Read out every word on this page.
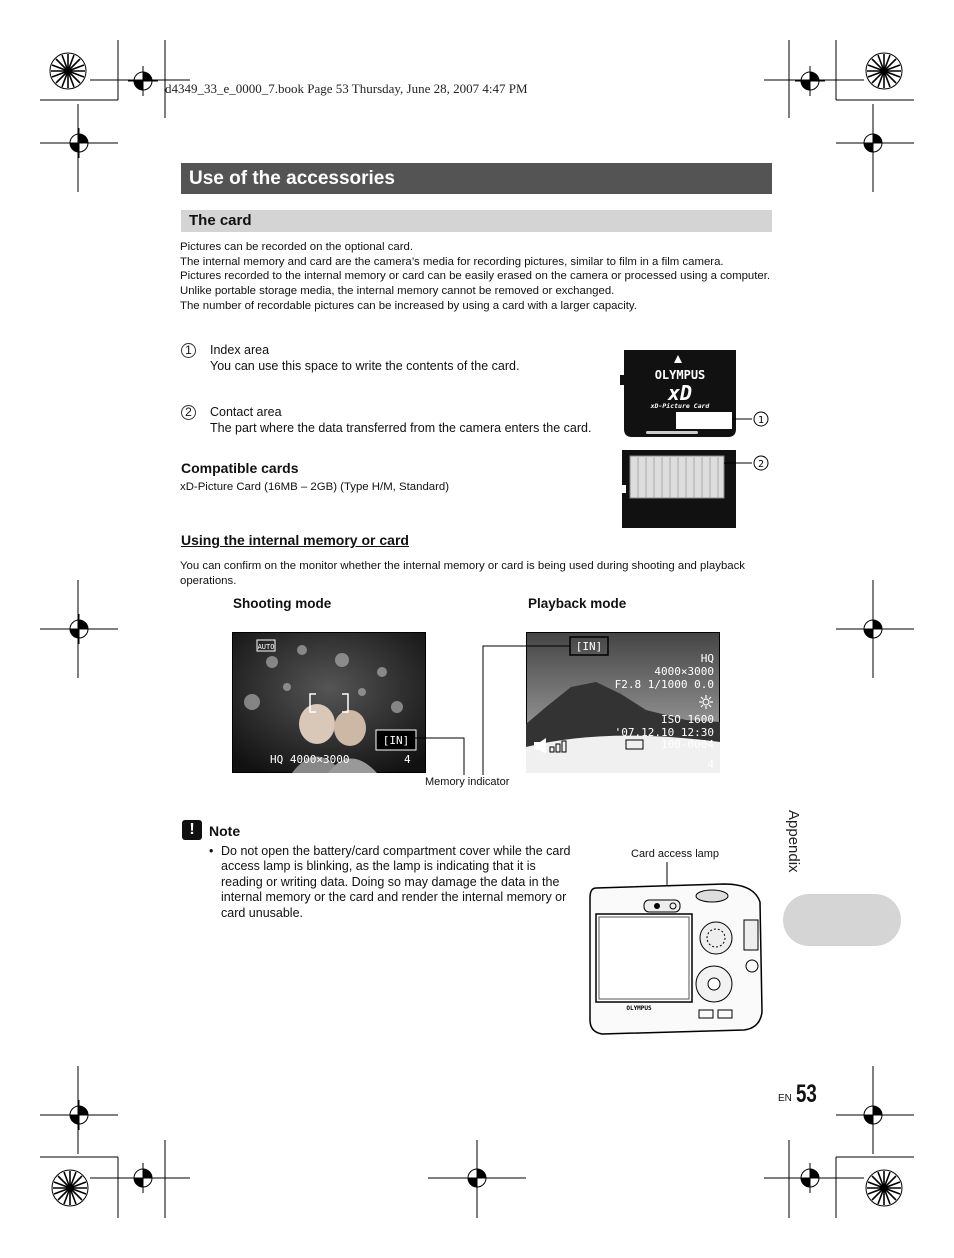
d4349_33_e_0000_7.book Page 53 Thursday, June 28, 2007 4:47 PM
Use of the accessories
The card

Pictures can be recorded on the optional card.

The internal memory and card are the camera’s media for recording pictures, similar to film in a film camera.

Pictures recorded to the internal memory or card can be easily erased on the camera or processed using a computer.

Unlike portable storage media, the internal memory cannot be removed or exchanged.

The number of recordable pictures can be increased by using a card with a larger capacity.

1	Index area
You can use this space to write the contents of the card.
2	Contact area
The part where the data transferred from the camera enters the card.
OLYMPUS
xD
xD-Picture Card
1
2
Compatible cards
xD-Picture Card (16MB – 2GB) (Type H/M, Standard)
Using the internal memory or card
You can confirm on the monitor whether the internal memory or card is being used during shooting and playback operations.
Shooting mode	Playback mode
AUTO
[IN]
HQ 4000×3000	4
[IN]
HQ
4000×3000
F2.8 1/1000 0.0
ISO 1600
'07.12.10 12:30
100-0004
4
Memory indicator
!	Note
• Do not open the battery/card compartment cover while the card access lamp is blinking, as the lamp is indicating that it is reading or writing data. Doing so may damage the data in the internal memory or the card and render the internal memory or card unusable.
Card access lamp
OLYMPUS
Appendix
EN 53
